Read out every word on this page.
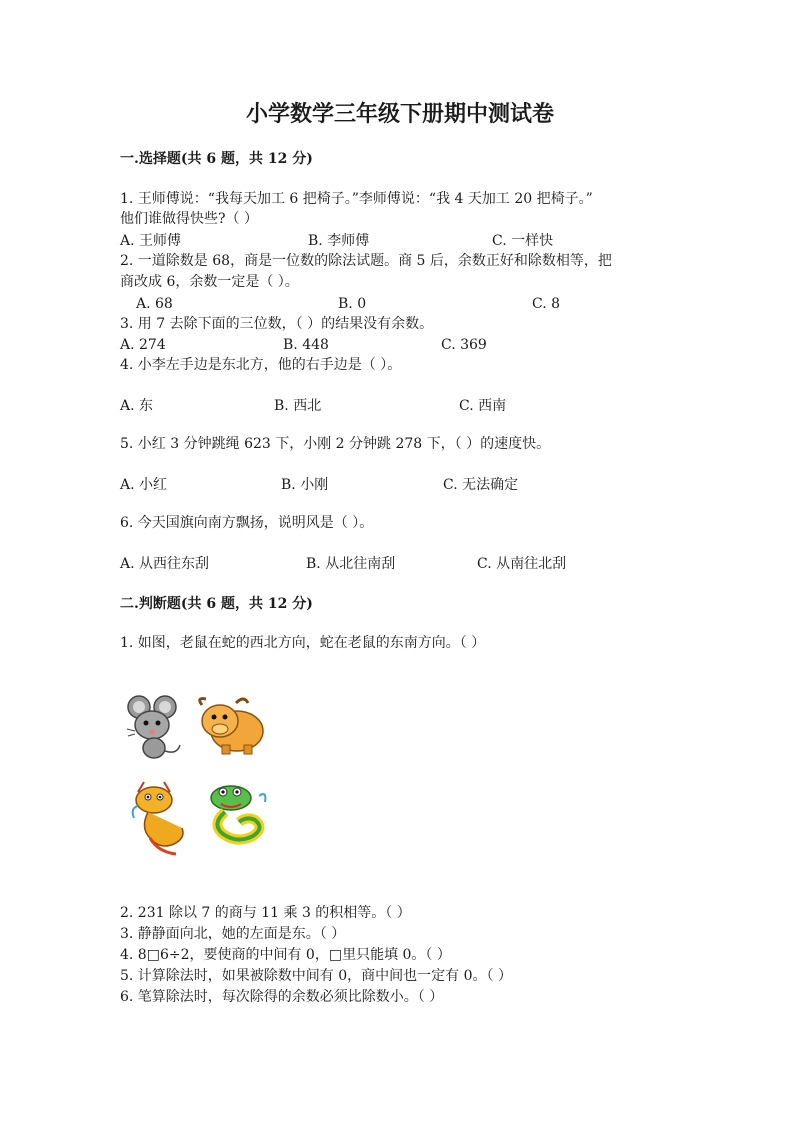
小学数学三年级下册期中测试卷
一.选择题(共 6 题，共 12 分)
1. 王师傅说：“我每天加工 6 把椅子。”李师傅说：“我 4 天加工 20 把椅子。”
他们谁做得快些?（ ）
A. 王师傅	B. 李师傅	C. 一样快
2. 一道除数是 68，商是一位数的除法试题。商 5 后，余数正好和除数相等，把
商改成 6，余数一定是（ ）。
A. 68	B. 0	C. 8
3. 用 7 去除下面的三位数，（ ）的结果没有余数。
A. 274	B. 448	C. 369
4. 小李左手边是东北方，他的右手边是（ ）。
A. 东	B. 西北	C. 西南
5. 小红 3 分钟跳绳 623 下，小刚 2 分钟跳 278 下，（ ）的速度快。
A. 小红	B. 小刚	C. 无法确定
6. 今天国旗向南方飘扬，说明风是（ ）。
A. 从西往东刮	B. 从北往南刮	C. 从南往北刮
二.判断题(共 6 题，共 12 分)
1. 如图，老鼠在蛇的西北方向，蛇在老鼠的东南方向。（ ）
2. 231 除以 7 的商与 11 乘 3 的积相等。（ ）
3. 静静面向北，她的左面是东。（ ）
4. 8□6÷2，要使商的中间有 0，□里只能填 0。（ ）
5. 计算除法时，如果被除数中间有 0，商中间也一定有 0。（ ）
6. 笔算除法时，每次除得的余数必须比除数小。（ ）
